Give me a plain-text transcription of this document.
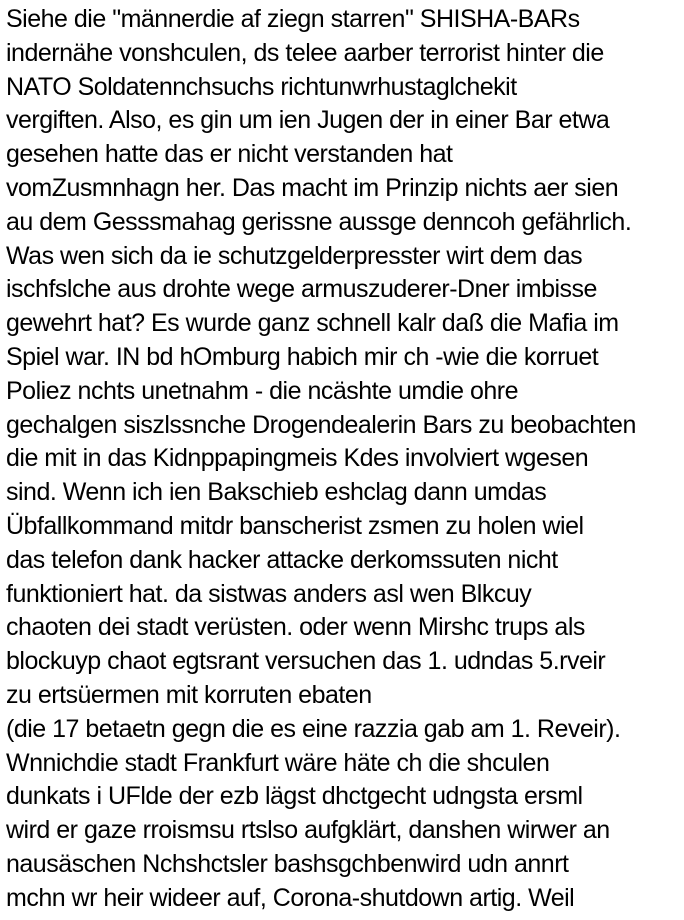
Siehe die "männerdie af ziegn starren" SHISHA-BARs
indernähe vonshculen, ds telee aarber terrorist hinter die
NATO Soldatennchsuchs richtunwrhustaglchekit
vergiften. Also, es gin um ien Jugen der in einer Bar etwa
gesehen hatte das er nicht verstanden hat
vomZusmnhagn her. Das macht im Prinzip nichts aer sien
au dem Gesssmahag gerissne aussge denncoh gefährlich.
Was wen sich da ie schutzgelderpresster wirt dem das
ischfslche aus drohte wege armuszuderer-Dner imbisse
gewehrt hat? Es wurde ganz schnell kalr daß die Mafia im
Spiel war. IN bd hOmburg habich mir ch -wie die korruet
Poliez nchts unetnahm - die ncäshte umdie ohre
gechalgen siszlssnche Drogendealerin Bars zu beobachten
die mit in das Kidnppapingmeis Kdes involviert wgesen
sind. Wenn ich ien Bakschieb eshclag dann umdas
Übfallkommand mitdr banscherist zsmen zu holen wiel
das telefon dank hacker attacke derkomssuten nicht
funktioniert hat. da sistwas anders asl wen Blkcuy
chaoten dei stadt verüsten. oder wenn Mirshc trups als
blockuyp chaot egtsrant versuchen das 1. udndas 5.rveir
zu ertsüermen mit korruten ebaten
(die 17 betaetn gegn die es eine razzia gab am 1. Reveir).
Wnnichdie stadt Frankfurt wäre häte ch die shculen
dunkats i UFlde der ezb lägst dhctgecht udngsta ersml
wird er gaze rroismsu rtslso aufgklärt, danshen wirwer an
nausäschen Nchshctsler bashsgchbenwird udn annrt
mchn wr heir wideer auf, Corona-shutdown artig. Weil
